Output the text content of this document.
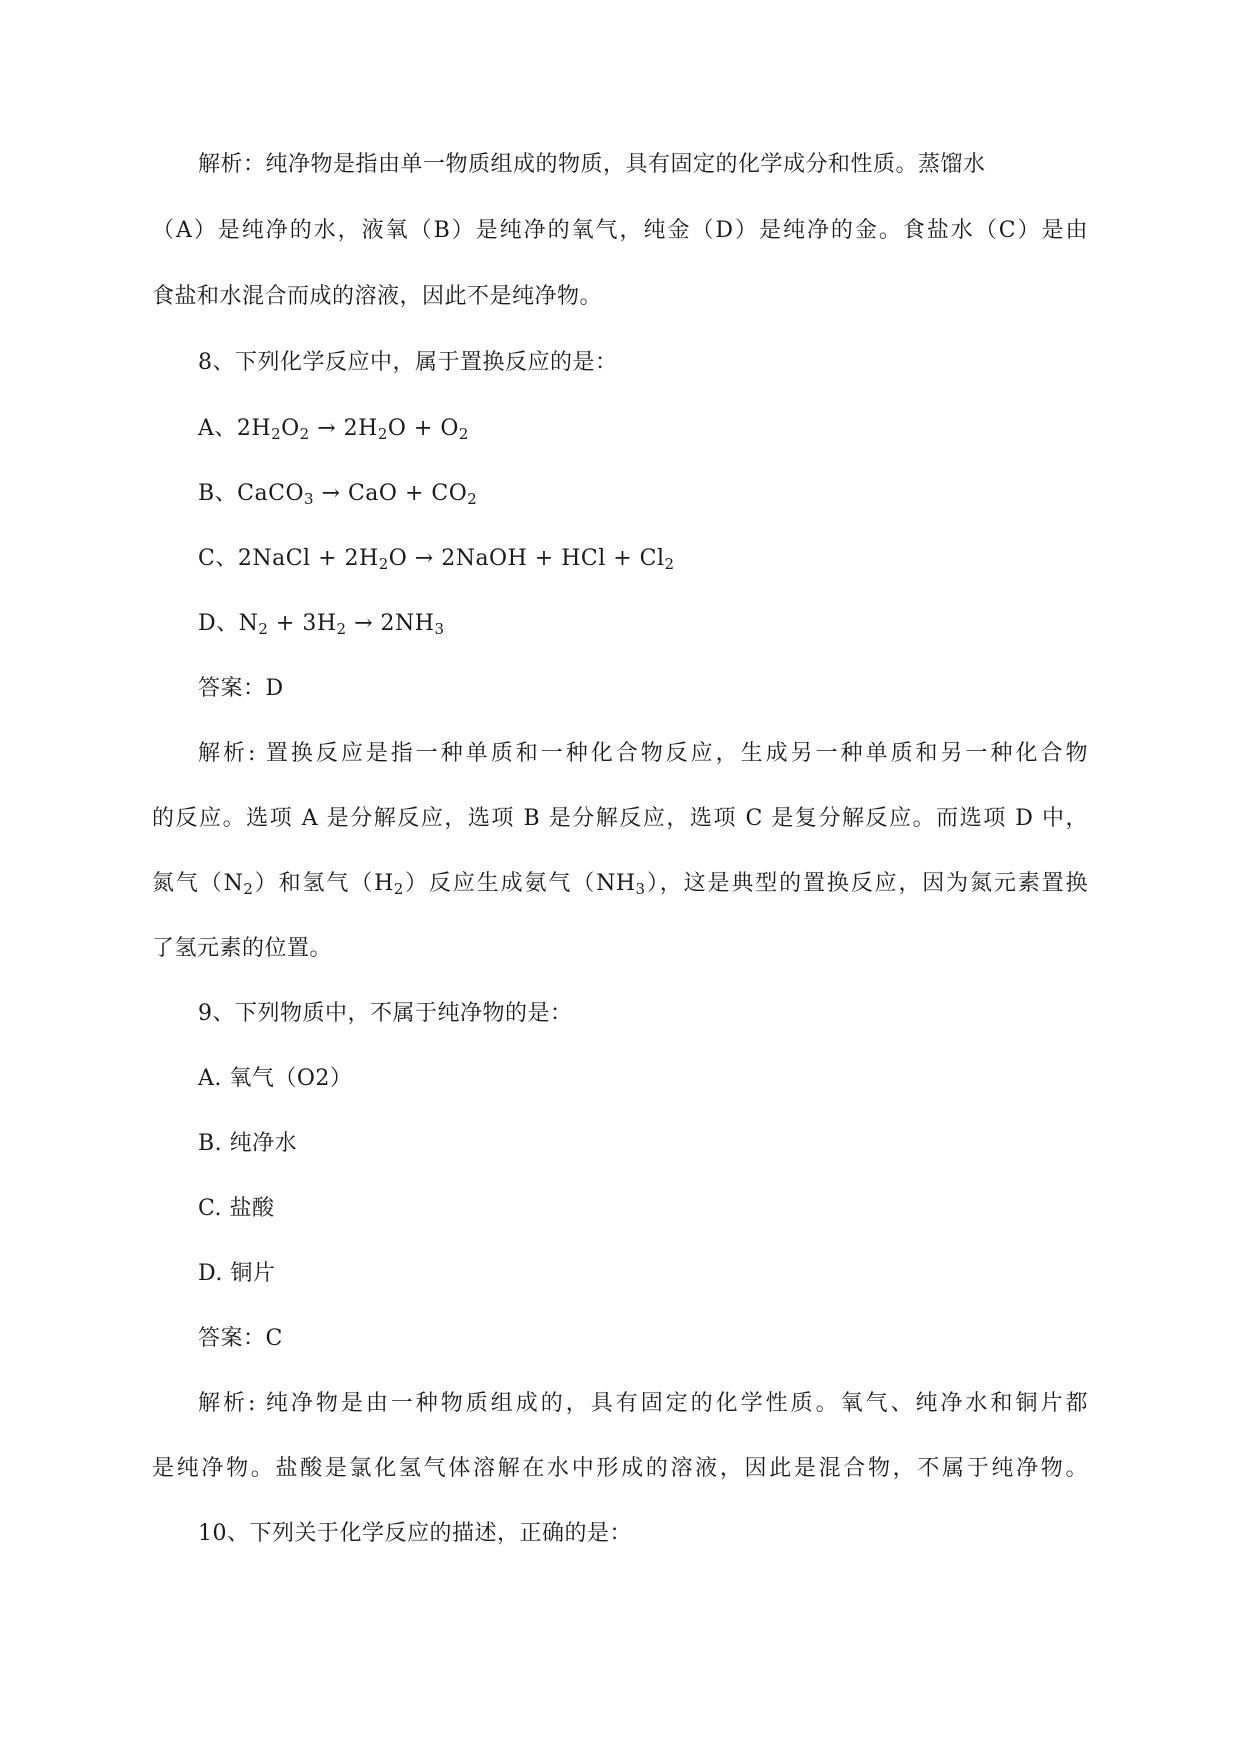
解析：纯净物是指由单一物质组成的物质，具有固定的化学成分和性质。蒸馏水
（A）是纯净的水，液氧（B）是纯净的氧气，纯金（D）是纯净的金。食盐水（C）是由
食盐和水混合而成的溶液，因此不是纯净物。
8、下列化学反应中，属于置换反应的是：
A、$2H_2O_2 \to 2H_2O + O_2$
B、CaCO$_3$ → CaO + $CO_2$
C、2NaCl + $2H_2O$ → 2NaOH + HCl + $Cl_2$
D、$N_2 + 3H_2 \to 2NH_3$
答案：D
解析: 置换反应是指一种单质和一种化合物反应，生成另一种单质和另一种化合物
的反应。选项 A 是分解反应，选项 B 是分解反应，选项 C 是复分解反应。而选项 D 中，
氮气$(N_2)$和氢气$(H_2)$反应生成氨气$(NH_3)$，这是典型的置换反应，因为氮元素置换
了氢元素的位置。
9、下列物质中，不属于纯净物的是：
A. 氧气（O2）
B. 纯净水
C. 盐酸
D. 铜片
答案：C
解析: 纯净物是由一种物质组成的，具有固定的化学性质。氧气、纯净水和铜片都
是纯净物。盐酸是氯化氢气体溶解在水中形成的溶液，因此是混合物，不属于纯净物。
10、下列关于化学反应的描述，正确的是：
